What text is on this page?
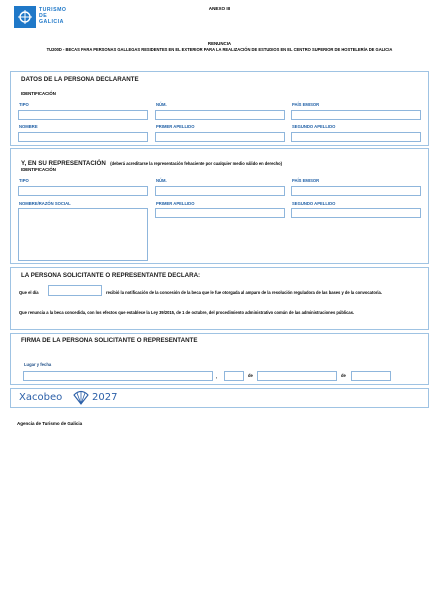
TURISMO
DE
GALICIA
ANEXO III
RENUNCIA
TU200D - BECAS PARA PERSONAS GALLEGAS RESIDENTES EN EL EXTERIOR PARA LA REALIZACIÓN DE ESTUDIOS EN EL CENTRO SUPERIOR DE HOSTELERÍA DE GALICIA
DATOS DE LA PERSONA DECLARANTE
IDENTIFICACIÓN
TIPO	NÚM.	PAÍS EMISOR
NOMBRE	PRIMER APELLIDO	SEGUNDO APELLIDO
Y, EN SU REPRESENTACIÓN (deberá acreditarse la representación fehaciente por cualquier medio válido en derecho)
IDENTIFICACIÓN
TIPO	NÚM.	PAÍS EMISOR
NOMBRE/RAZÓN SOCIAL	PRIMER APELLIDO	SEGUNDO APELLIDO
LA PERSONA SOLICITANTE O REPRESENTANTE DECLARA:
Que el día	recibió la notificación de la concesión de la beca que le fue otorgada al amparo de la resolución reguladora de las bases y de la convocatoria.
Que renuncia a la beca concedida, con los efectos que establece la Ley 39/2015, de 1 de octubre, del procedimiento administrativo común de las administraciones públicas.
FIRMA DE LA PERSONA SOLICITANTE O REPRESENTANTE
Lugar y fecha
,	de	de
Xacobeo	2027
Agencia de Turismo de Galicia
